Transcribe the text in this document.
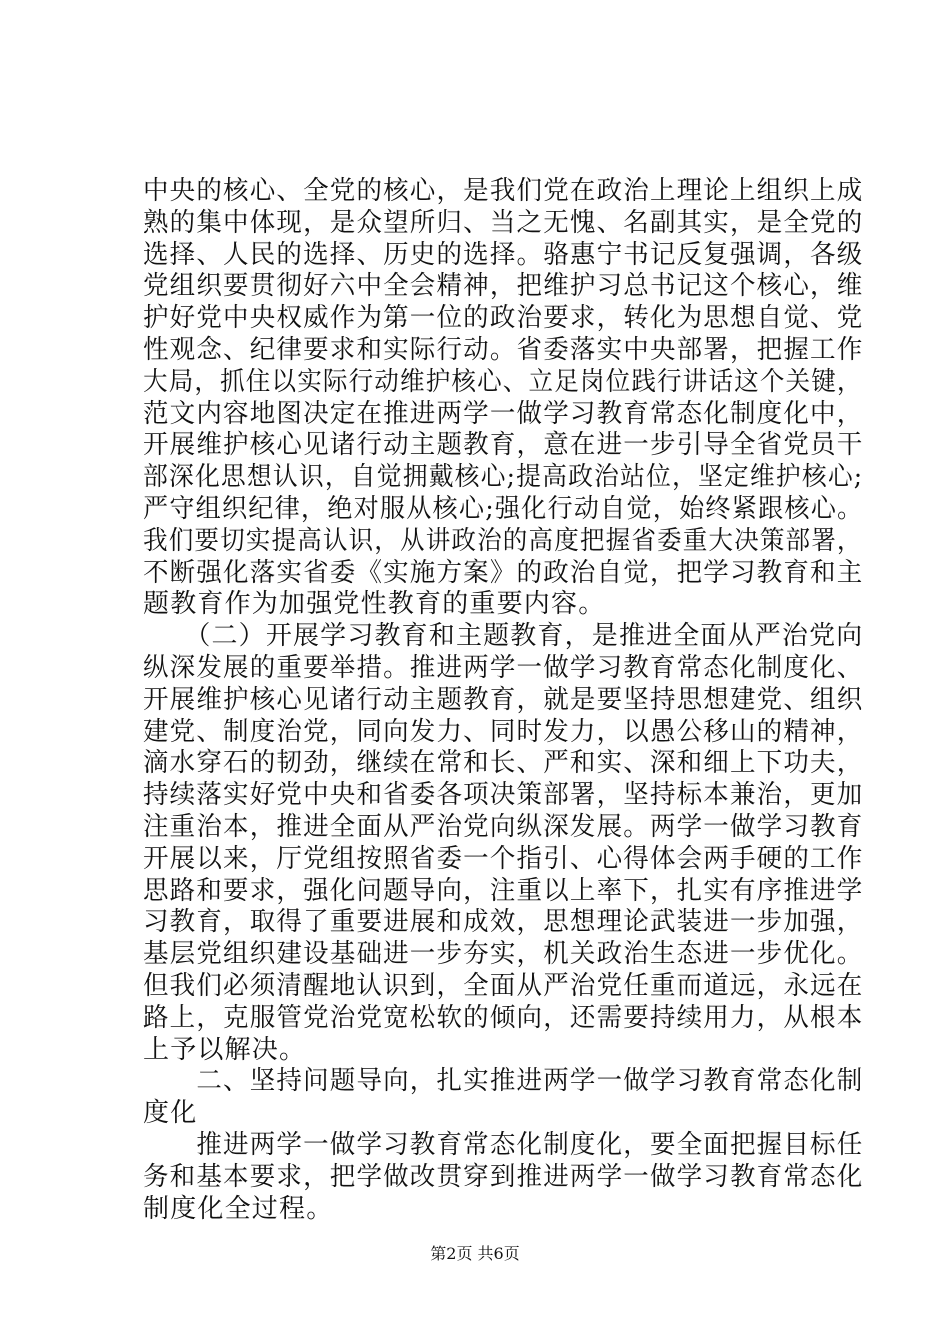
中央的核心、全党的核心，是我们党在政治上理论上组织上成
熟的集中体现，是众望所归、当之无愧、名副其实，是全党的
选择、人民的选择、历史的选择。骆惠宁书记反复强调，各级
党组织要贯彻好六中全会精神，把维护习总书记这个核心，维
护好党中央权威作为第一位的政治要求，转化为思想自觉、党
性观念、纪律要求和实际行动。省委落实中央部署，把握工作
大局，抓住以实际行动维护核心、立足岗位践行讲话这个关键，
范文内容地图决定在推进两学一做学习教育常态化制度化中，
开展维护核心见诸行动主题教育，意在进一步引导全省党员干
部深化思想认识，自觉拥戴核心;提高政治站位，坚定维护核心;
严守组织纪律，绝对服从核心;强化行动自觉，始终紧跟核心。
我们要切实提高认识，从讲政治的高度把握省委重大决策部署，
不断强化落实省委《实施方案》的政治自觉，把学习教育和主
题教育作为加强党性教育的重要内容。
　　（二）开展学习教育和主题教育，是推进全面从严治党向
纵深发展的重要举措。推进两学一做学习教育常态化制度化、
开展维护核心见诸行动主题教育，就是要坚持思想建党、组织
建党、制度治党，同向发力、同时发力，以愚公移山的精神，
滴水穿石的韧劲，继续在常和长、严和实、深和细上下功夫，
持续落实好党中央和省委各项决策部署，坚持标本兼治，更加
注重治本，推进全面从严治党向纵深发展。两学一做学习教育
开展以来，厅党组按照省委一个指引、心得体会两手硬的工作
思路和要求，强化问题导向，注重以上率下，扎实有序推进学
习教育，取得了重要进展和成效，思想理论武装进一步加强，
基层党组织建设基础进一步夯实，机关政治生态进一步优化。
但我们必须清醒地认识到，全面从严治党任重而道远，永远在
路上，克服管党治党宽松软的倾向，还需要持续用力，从根本
上予以解决。
　　二、坚持问题导向，扎实推进两学一做学习教育常态化制
度化
　　推进两学一做学习教育常态化制度化，要全面把握目标任
务和基本要求，把学做改贯穿到推进两学一做学习教育常态化
制度化全过程。
第2页 共6页
